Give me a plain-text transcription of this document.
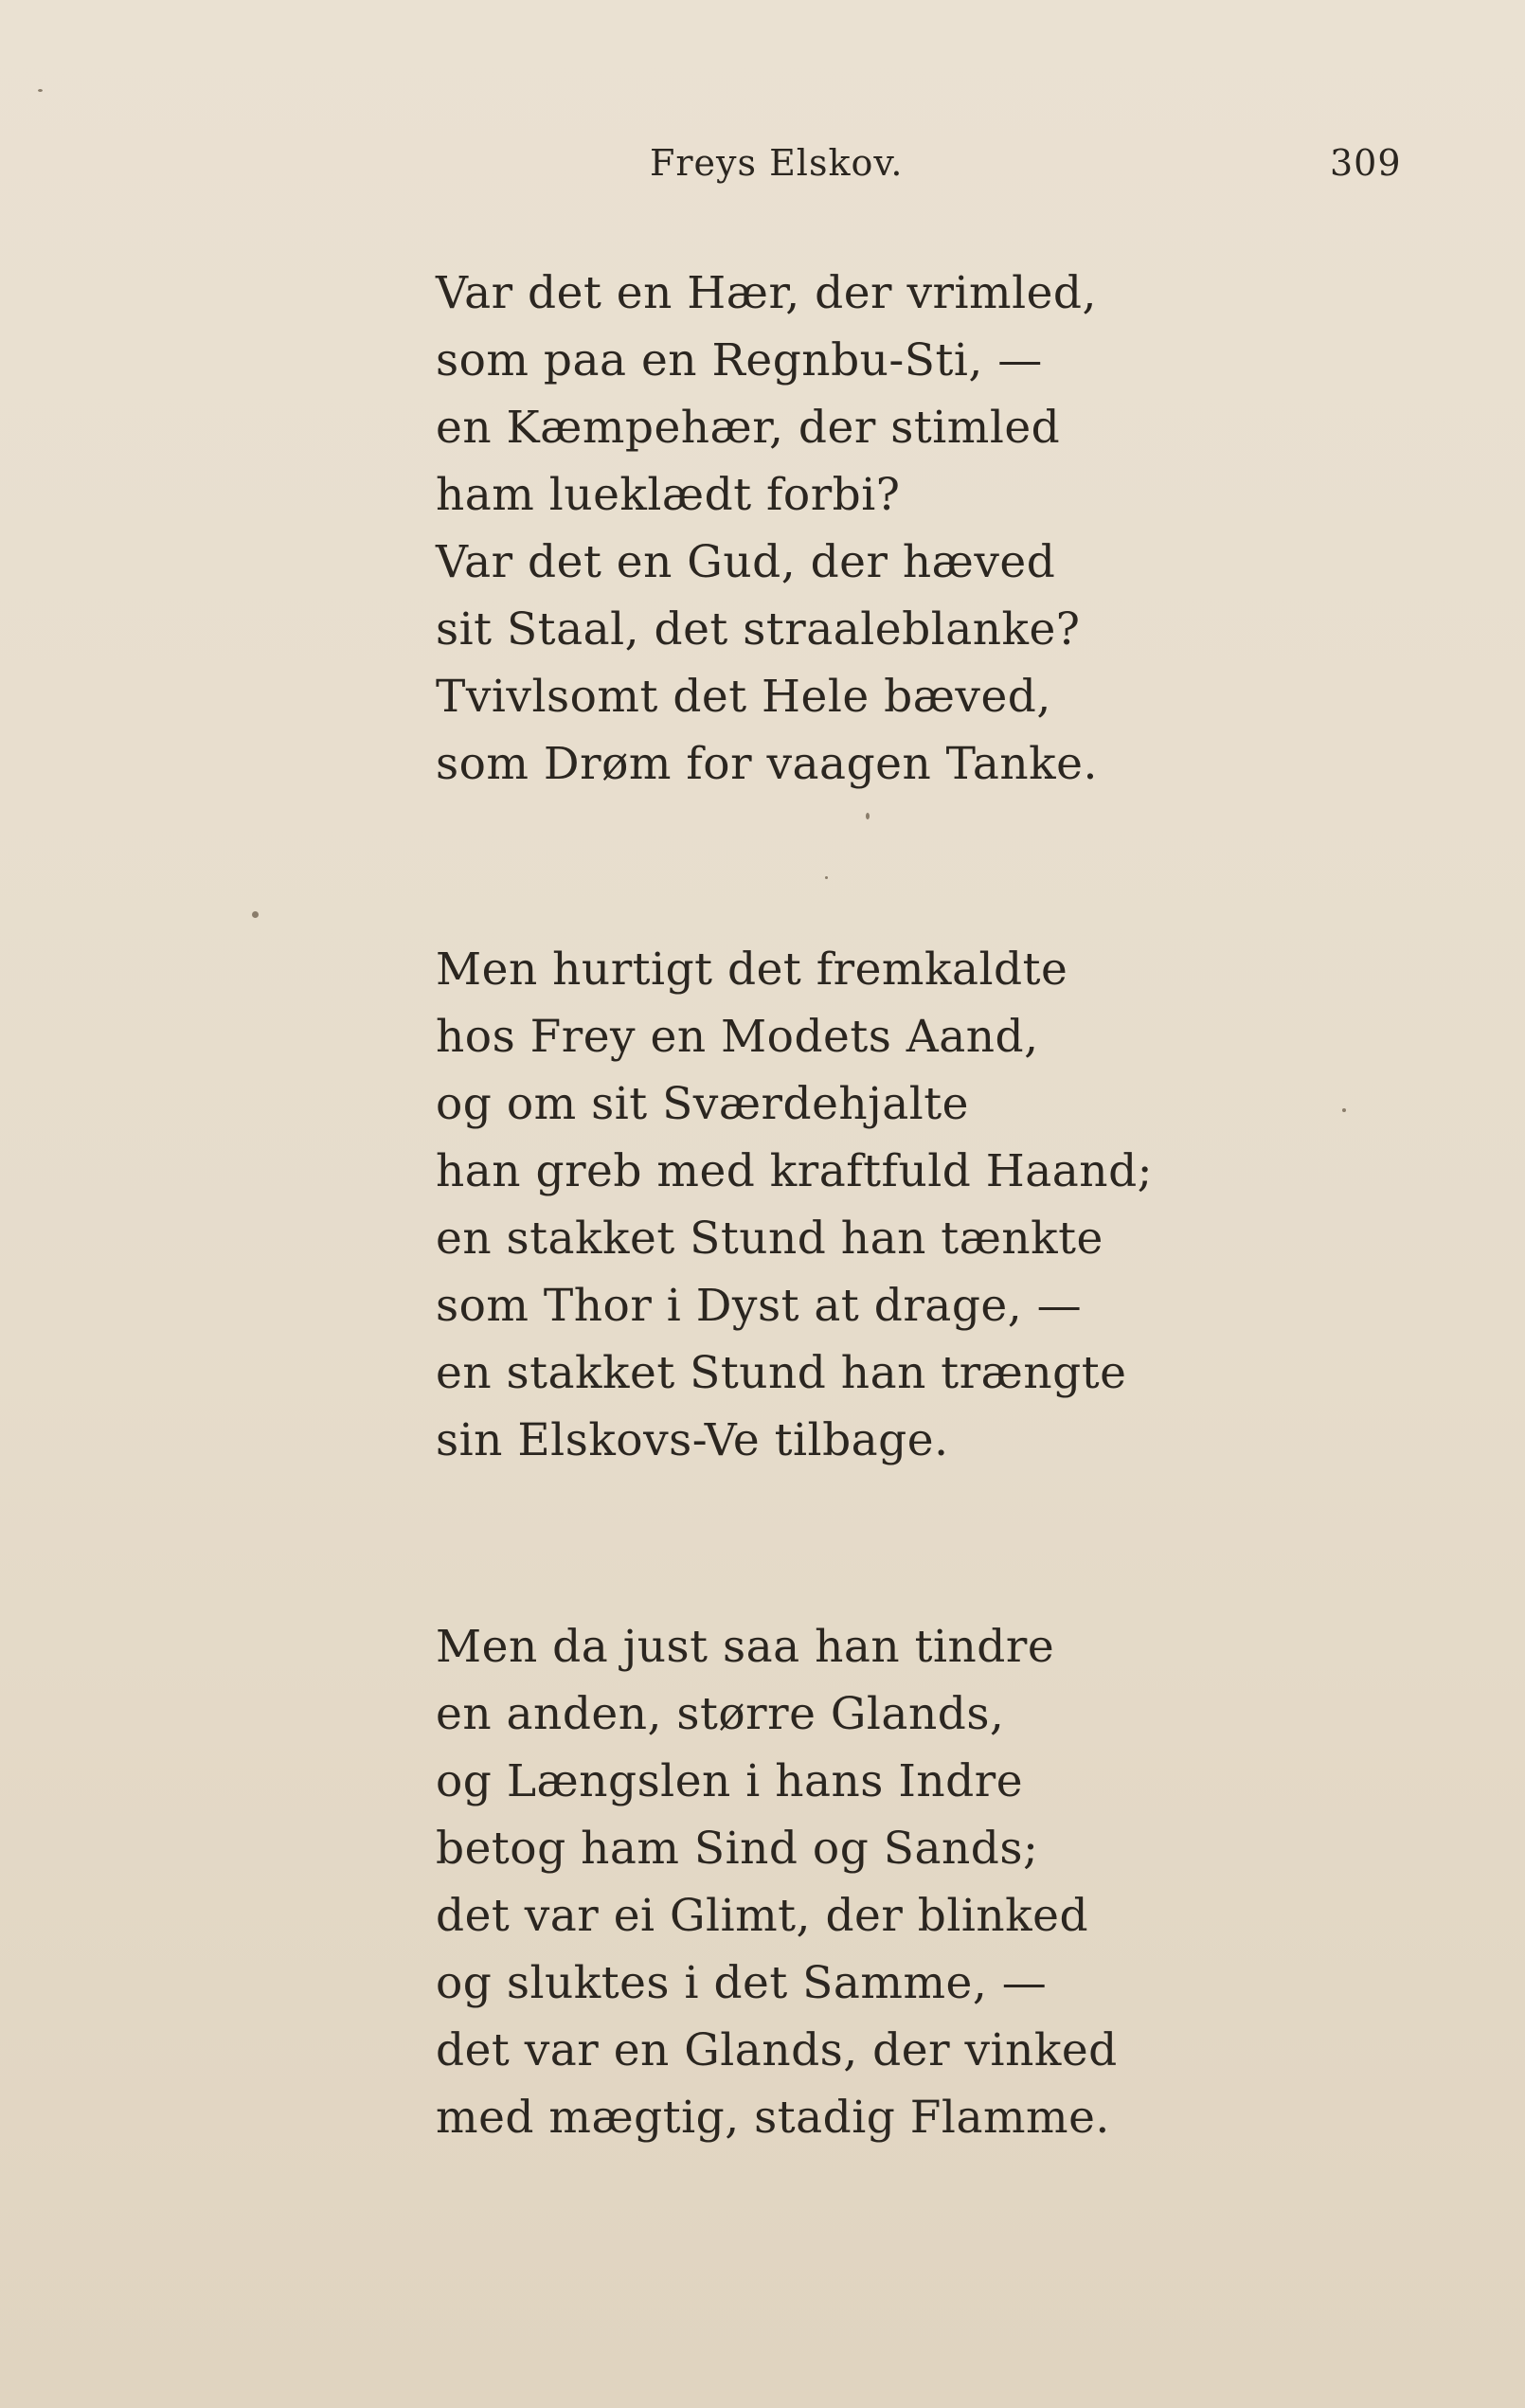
Freys Elskov.	309
Var det en Hær, der vrimled,
som paa en Regnbu-Sti, —
en Kæmpehær, der stimled
ham lueklædt forbi?
Var det en Gud, der hæved
sit Staal, det straaleblanke?
Tvivlsomt det Hele bæved,
som Drøm for vaagen Tanke.
Men hurtigt det fremkaldte
hos Frey en Modets Aand,
og om sit Sværdehjalte
han greb med kraftfuld Haand;
en stakket Stund han tænkte
som Thor i Dyst at drage, —
en stakket Stund han trængte
sin Elskovs-Ve tilbage.
Men da just saa han tindre
en anden, større Glands,
og Længslen i hans Indre
betog ham Sind og Sands;
det var ei Glimt, der blinked
og sluktes i det Samme, —
det var en Glands, der vinked
med mægtig, stadig Flamme.
